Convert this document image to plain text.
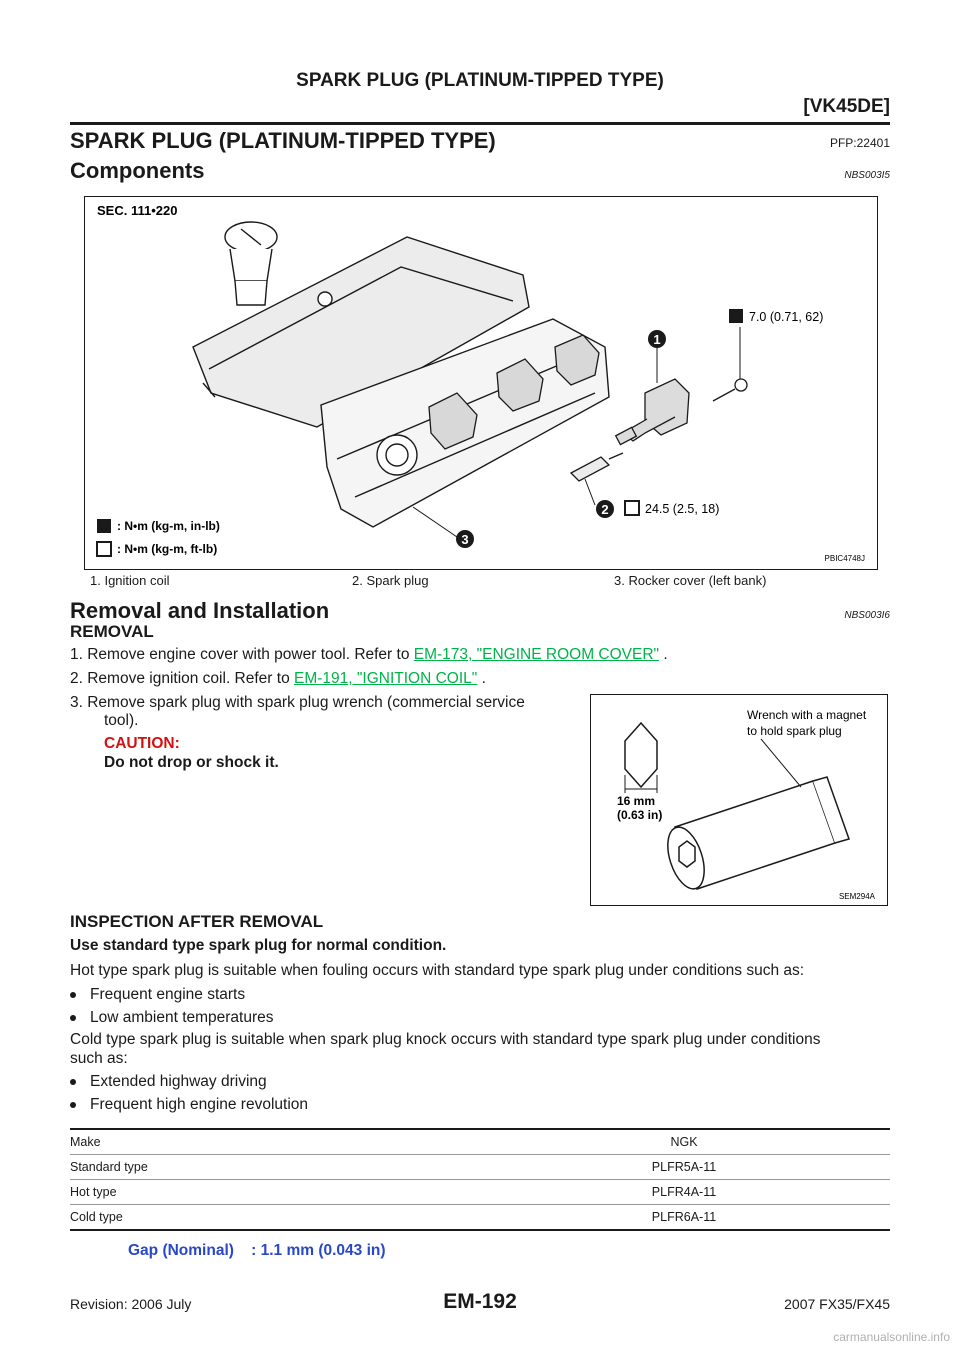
SPARK PLUG (PLATINUM-TIPPED TYPE)
[VK45DE]
SPARK PLUG (PLATINUM-TIPPED TYPE)	PFP:22401
Components	NBS003I5
SEC. 111•220
1
2
3
7.0 (0.71, 62)
24.5 (2.5, 18)
: N•m (kg-m, in-lb)
: N•m (kg-m, ft-lb)
PBIC4748J
1. Ignition coil	2. Spark plug	3. Rocker cover (left bank)
Removal and Installation	NBS003I6
REMOVAL
1. Remove engine cover with power tool. Refer to EM-173, "ENGINE ROOM COVER" .
2. Remove ignition coil. Refer to EM-191, "IGNITION COIL" .
3. Remove spark plug with spark plug wrench (commercial service
tool).
CAUTION:
Do not drop or shock it.
16 mm
(0.63 in)
Wrench with a magnet
to hold spark plug
SEM294A
INSPECTION AFTER REMOVAL
Use standard type spark plug for normal condition.
Hot type spark plug is suitable when fouling occurs with standard type spark plug under conditions such as:
Frequent engine starts
Low ambient temperatures
Cold type spark plug is suitable when spark plug knock occurs with standard type spark plug under conditions
such as:
Extended highway driving
Frequent high engine revolution
Make	NGK
Standard type	PLFR5A-11
Hot type	PLFR4A-11
Cold type	PLFR6A-11
Gap (Nominal)    : 1.1 mm (0.043 in)
EM-192
Revision: 2006 July	2007 FX35/FX45
carmanualsonline.info
